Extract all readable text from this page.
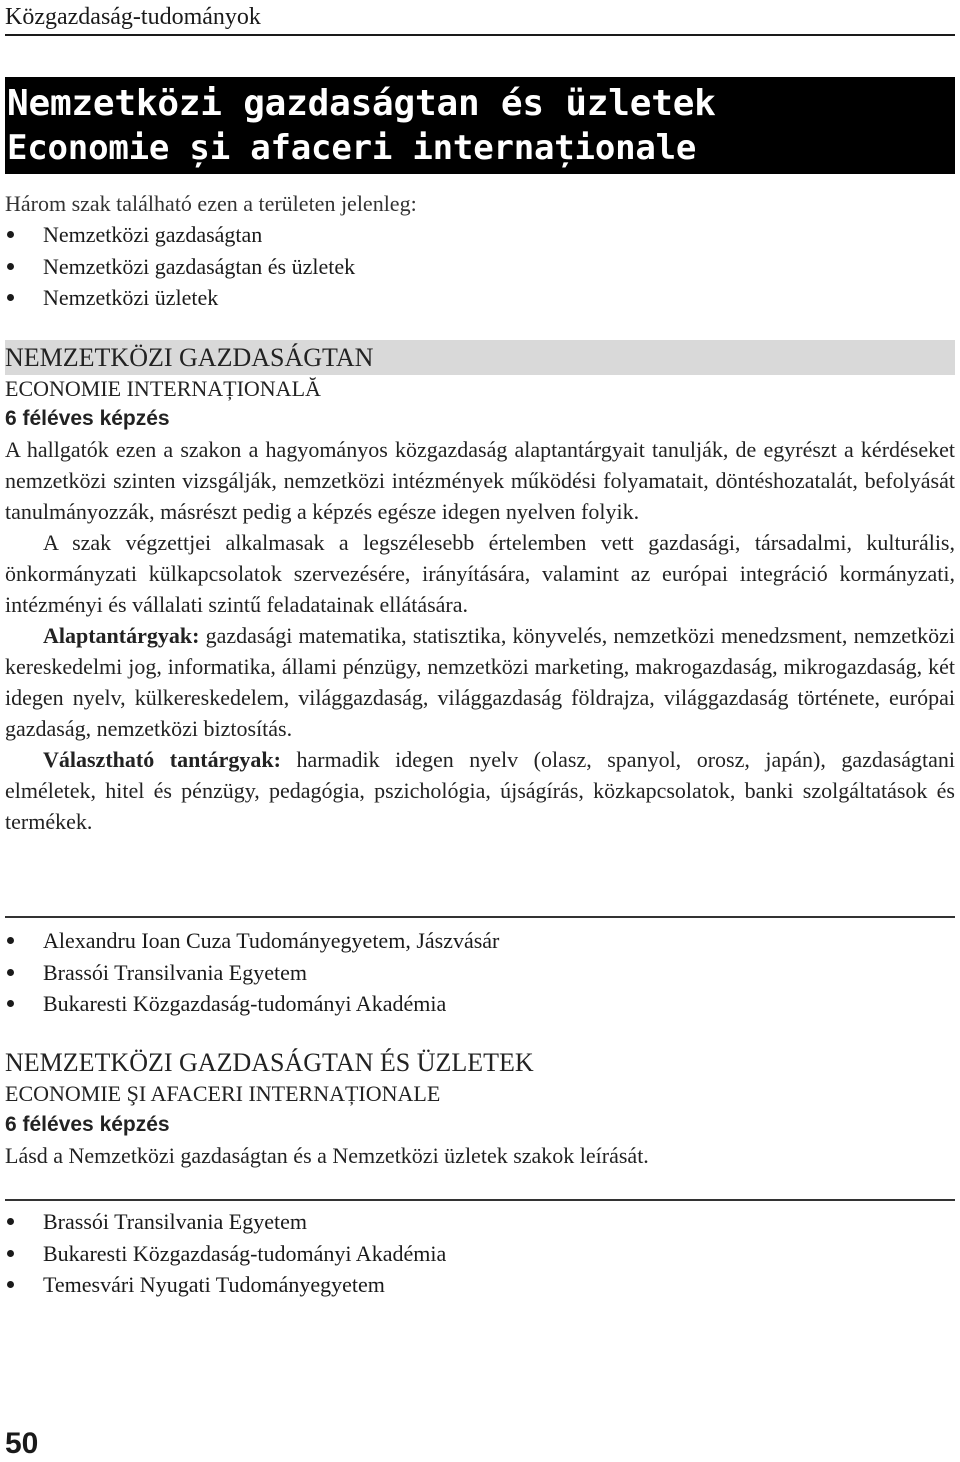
Közgazdaság-tudományok
Nemzetközi gazdaságtan és üzletek
Economie și afaceri internaționale
Három szak található ezen a területen jelenleg:
Nemzetközi gazdaságtan
Nemzetközi gazdaságtan és üzletek
Nemzetközi üzletek
NEMZETKÖZI GAZDASÁGTAN
ECONOMIE INTERNAȚIONALĂ
6 féléves képzés

A hallgatók ezen a szakon a hagyományos közgazdaság alaptantárgyait tanulják, de egyrészt a kérdéseket nemzetközi szinten vizsgálják, nemzetközi intézmények működési folyamatait, döntéshozatalát, befolyását tanulmányozzák, másrészt pedig a képzés egésze idegen nyelven folyik.

A szak végzettjei alkalmasak a legszélesebb értelemben vett gazdasági, társadalmi, kulturális, önkormányzati külkapcsolatok szervezésére, irányítására, valamint az európai integráció kormányzati, intézményi és vállalati szintű feladatainak ellátására.

Alaptantárgyak: gazdasági matematika, statisztika, könyvelés, nemzetközi menedzsment, nemzetközi kereskedelmi jog, informatika, állami pénzügy, nemzetközi marketing, makrogazdaság, mikrogazdaság, két idegen nyelv, külkereskedelem, világgazdaság, világgazdaság földrajza, világgazdaság története, európai gazdaság, nemzetközi biztosítás.

Választható tantárgyak: harmadik idegen nyelv (olasz, spanyol, orosz, japán), gazdaságtani elméletek, hitel és pénzügy, pedagógia, pszichológia, újságírás, közkapcsolatok, banki szolgáltatások és termékek.

Alexandru Ioan Cuza Tudományegyetem, Jászvásár
Brassói Transilvania Egyetem
Bukaresti Közgazdaság-tudományi Akadémia
NEMZETKÖZI GAZDASÁGTAN ÉS ÜZLETEK
ECONOMIE ŞI AFACERI INTERNAȚIONALE
6 féléves képzés

Lásd a Nemzetközi gazdaságtan és a Nemzetközi üzletek szakok leírását.

Brassói Transilvania Egyetem
Bukaresti Közgazdaság-tudományi Akadémia
Temesvári Nyugati Tudományegyetem
50
